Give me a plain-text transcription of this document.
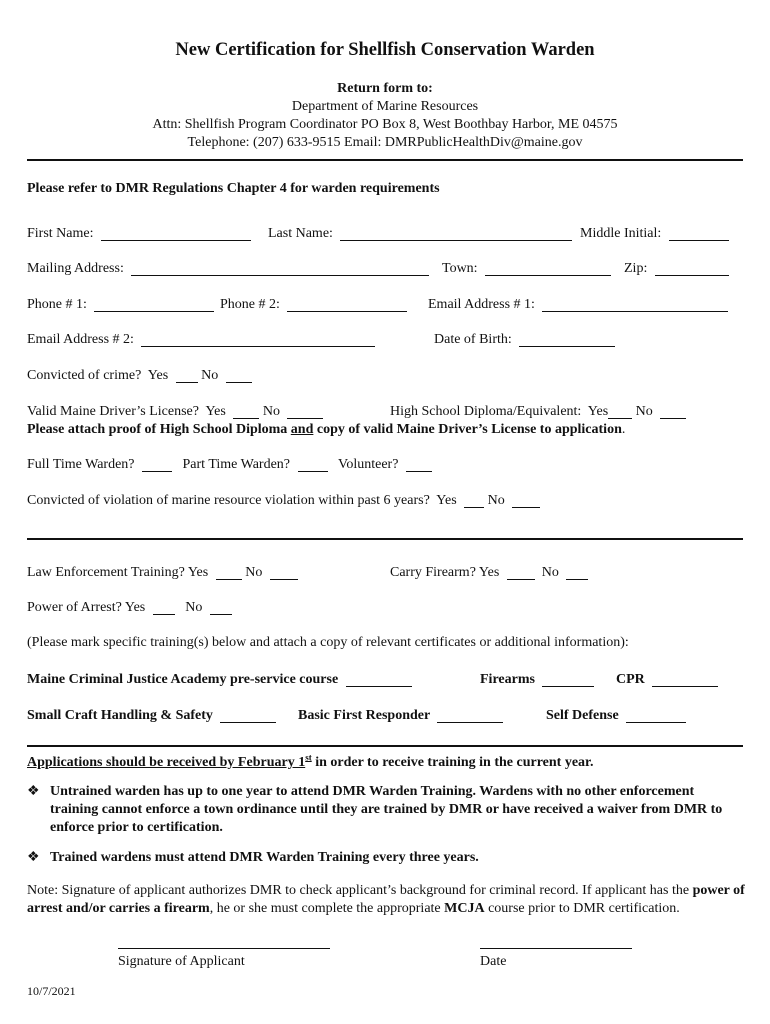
New Certification for Shellfish Conservation Warden
Return form to:
Department of Marine Resources
Attn: Shellfish Program Coordinator PO Box 8, West Boothbay Harbor, ME 04575
Telephone: (207) 633-9515 Email: DMRPublicHealthDiv@maine.gov
Please refer to DMR Regulations Chapter 4 for warden requirements
First Name:	Last Name:	Middle Initial:
Mailing Address:	Town:	Zip:
Phone # 1:	Phone # 2:	Email Address # 1:
Email Address # 2:	Date of Birth:
Convicted of crime? Yes No
Valid Maine Driver’s License? Yes	No	High School Diploma/Equivalent: Yes No
Please attach proof of High School Diploma and copy of valid Maine Driver’s License to application.
Full Time Warden?	Part Time Warden?	Volunteer?
Convicted of violation of marine resource violation within past 6 years? Yes No
Law Enforcement Training? Yes	No	Carry Firearm? Yes	No
Power of Arrest? Yes	No
(Please mark specific training(s) below and attach a copy of relevant certificates or additional information):
Maine Criminal Justice Academy pre-service course	Firearms	CPR
Small Craft Handling & Safety	Basic First Responder	Self Defense
Applications should be received by February 1st in order to receive training in the current year.
❖ Untrained warden has up to one year to attend DMR Warden Training. Wardens with no other enforcement training cannot enforce a town ordinance until they are trained by DMR or have received a waiver from DMR to enforce prior to certification.
❖ Trained wardens must attend DMR Warden Training every three years.
Note: Signature of applicant authorizes DMR to check applicant’s background for criminal record. If applicant has the power of arrest and/or carries a firearm, he or she must complete the appropriate MCJA course prior to DMR certification.
Signature of Applicant	Date
10/7/2021
